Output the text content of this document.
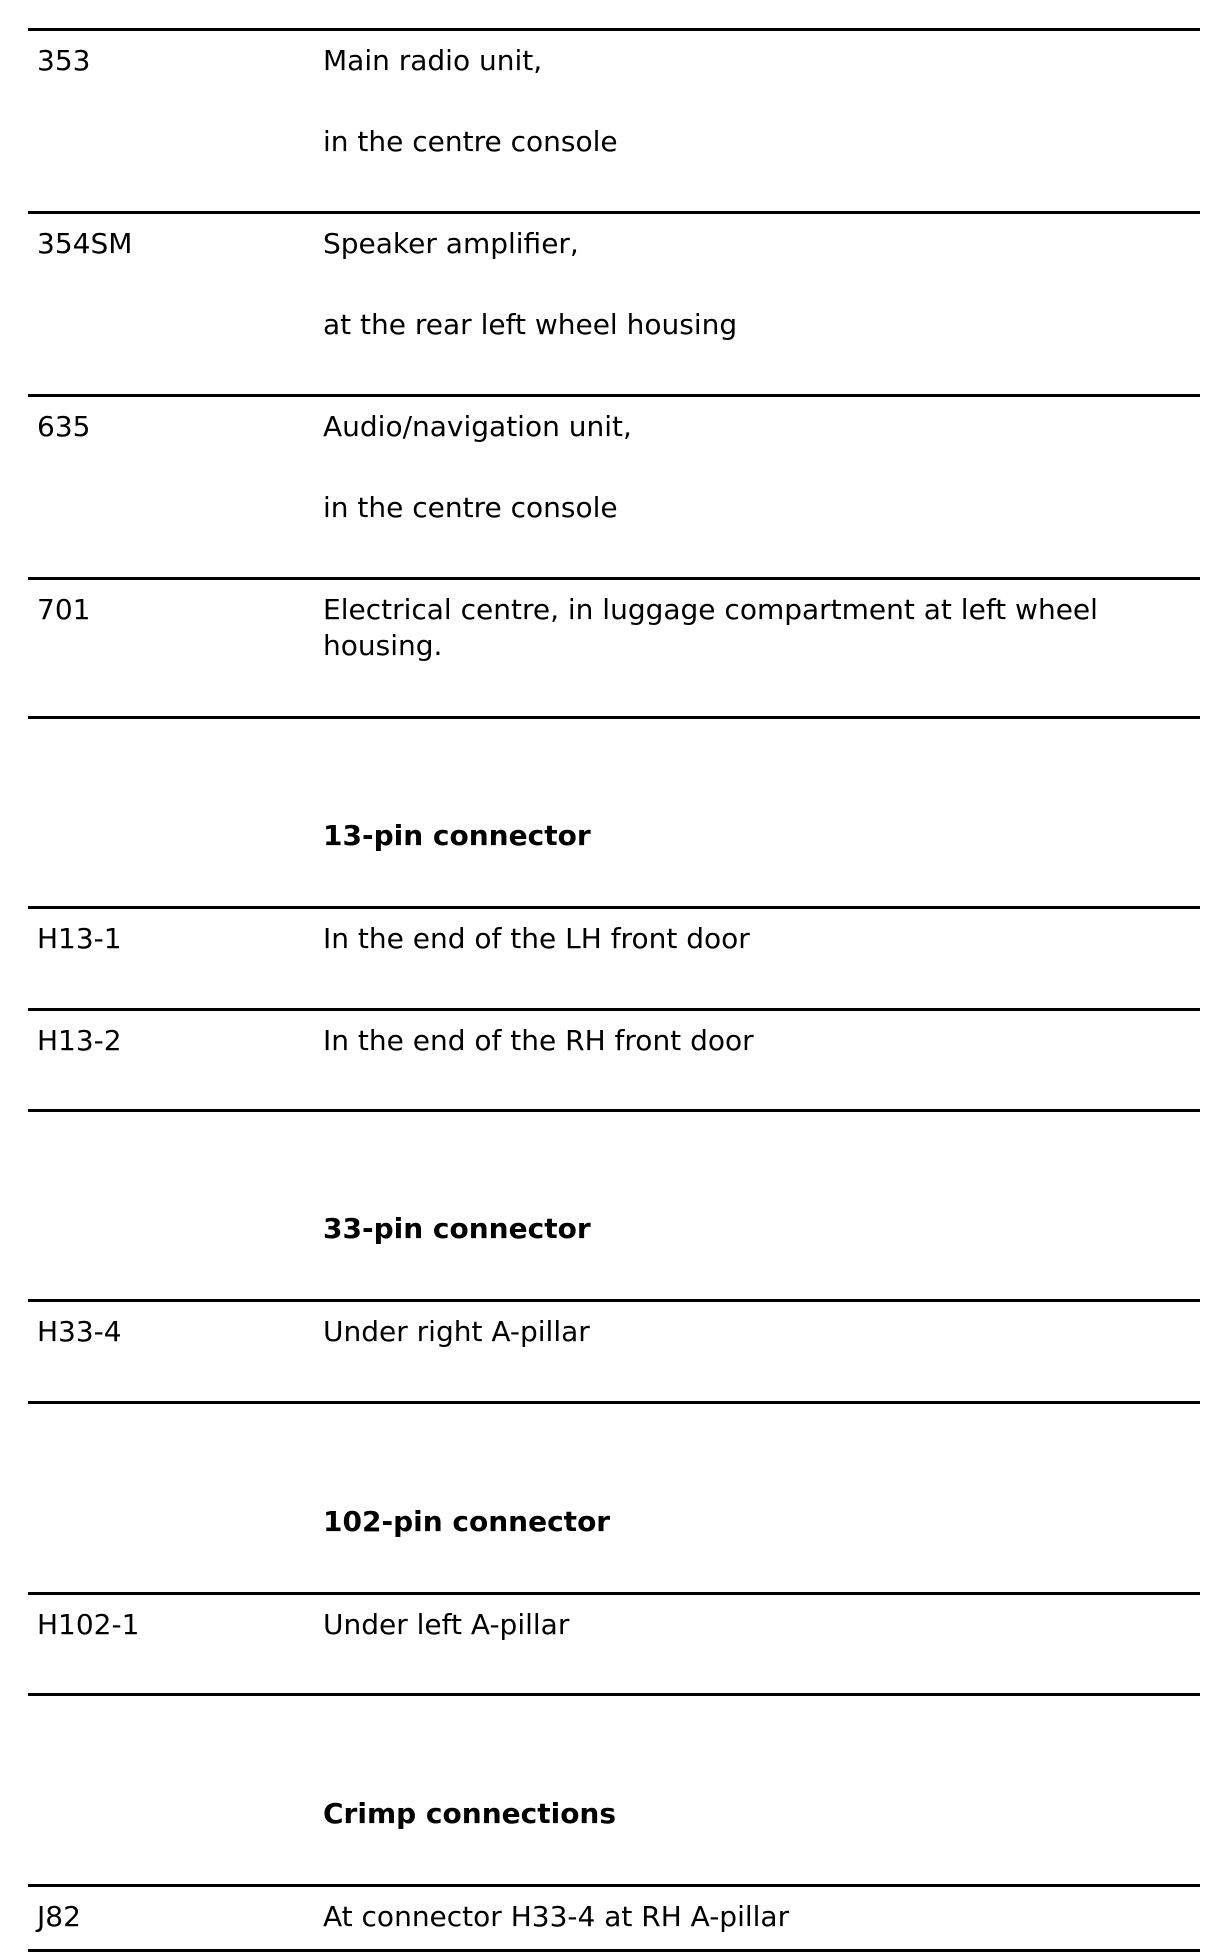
353	Main radio unit,

in the centre console

354SM	Speaker amplifier,

at the rear left wheel housing

635	Audio/navigation unit,

in the centre console

701	Electrical centre, in luggage compartment at left wheel housing.

13-pin connector
H13-1	In the end of the LH front door
H13-2	In the end of the RH front door
33-pin connector
H33-4	Under right A-pillar
102-pin connector
H102-1	Under left A-pillar
Crimp connections
J82	At connector H33-4 at RH A-pillar
